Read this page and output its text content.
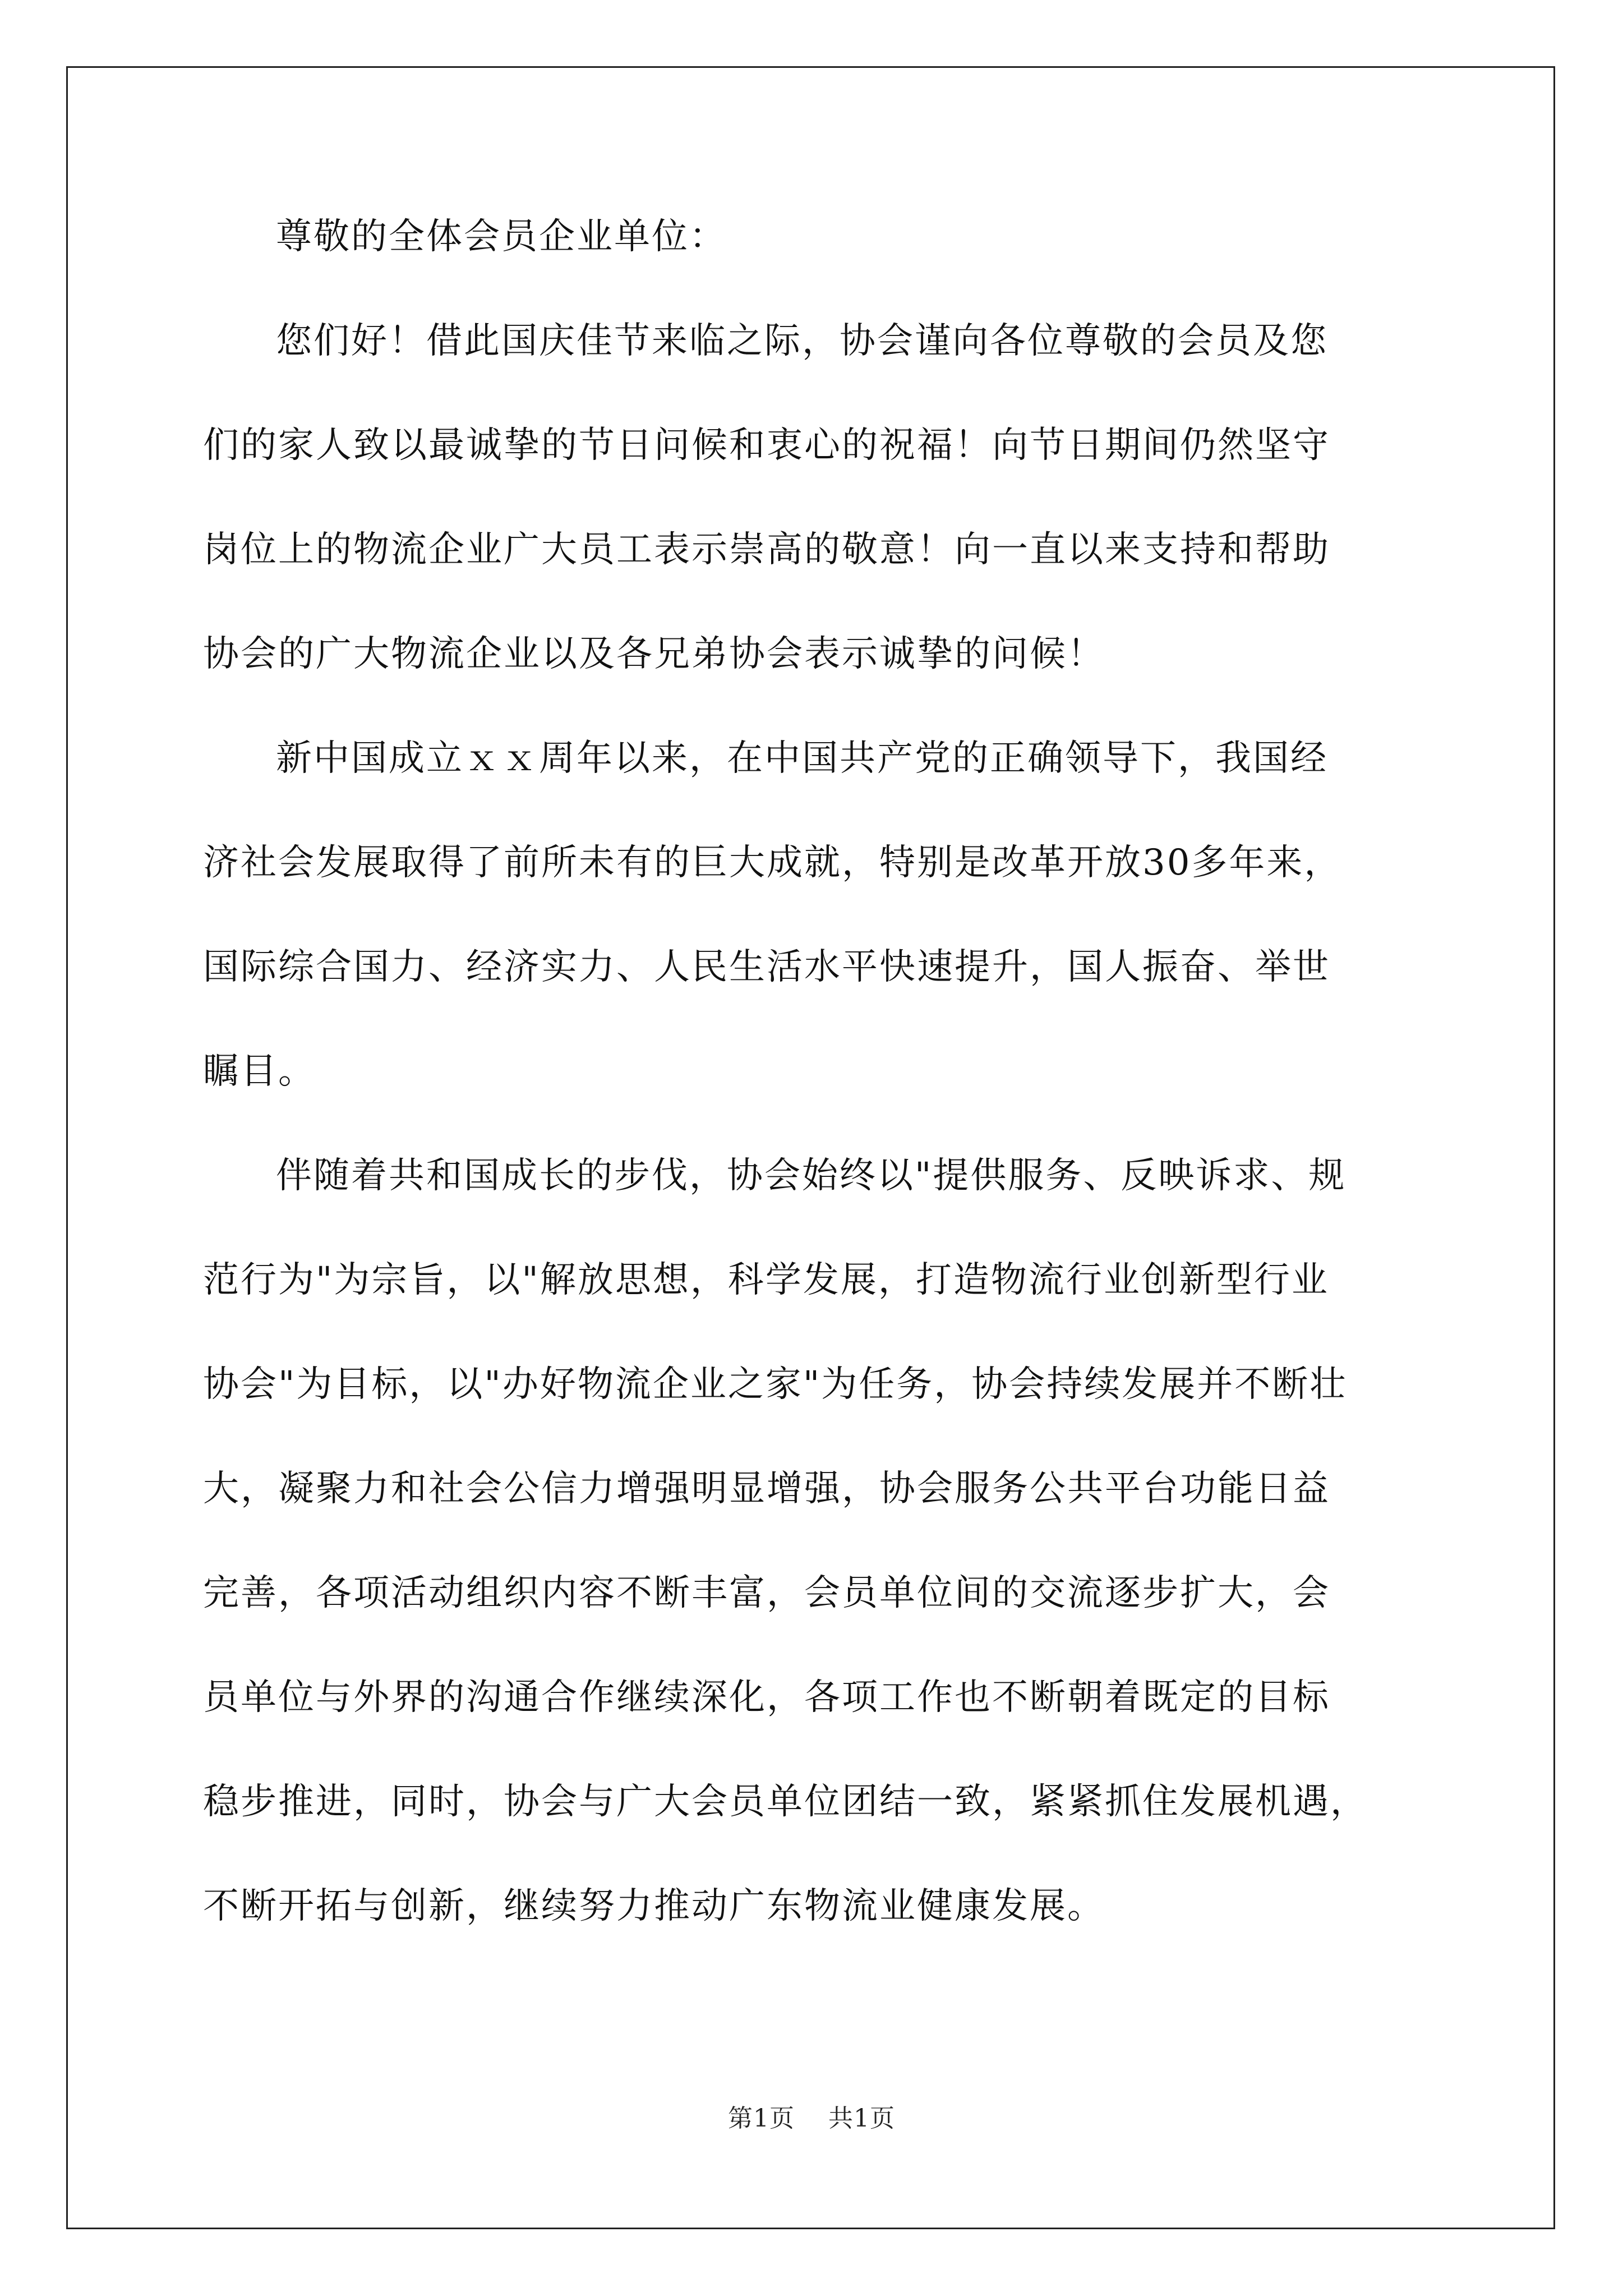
尊敬的全体会员企业单位：
您们好！借此国庆佳节来临之际，协会谨向各位尊敬的会员及您
们的家人致以最诚挚的节日问候和衷心的祝福！向节日期间仍然坚守
岗位上的物流企业广大员工表示崇高的敬意！向一直以来支持和帮助
协会的广大物流企业以及各兄弟协会表示诚挚的问候！
新中国成立ｘｘ周年以来，在中国共产党的正确领导下，我国经
济社会发展取得了前所未有的巨大成就，特别是改革开放30多年来，
国际综合国力、经济实力、人民生活水平快速提升，国人振奋、举世
瞩目。
伴随着共和国成长的步伐，协会始终以"提供服务、反映诉求、规
范行为"为宗旨，以"解放思想，科学发展，打造物流行业创新型行业
协会"为目标，以"办好物流企业之家"为任务，协会持续发展并不断壮
大，凝聚力和社会公信力增强明显增强，协会服务公共平台功能日益
完善，各项活动组织内容不断丰富，会员单位间的交流逐步扩大，会
员单位与外界的沟通合作继续深化，各项工作也不断朝着既定的目标
稳步推进，同时，协会与广大会员单位团结一致，紧紧抓住发展机遇，
不断开拓与创新，继续努力推动广东物流业健康发展。
第1页 共1页
